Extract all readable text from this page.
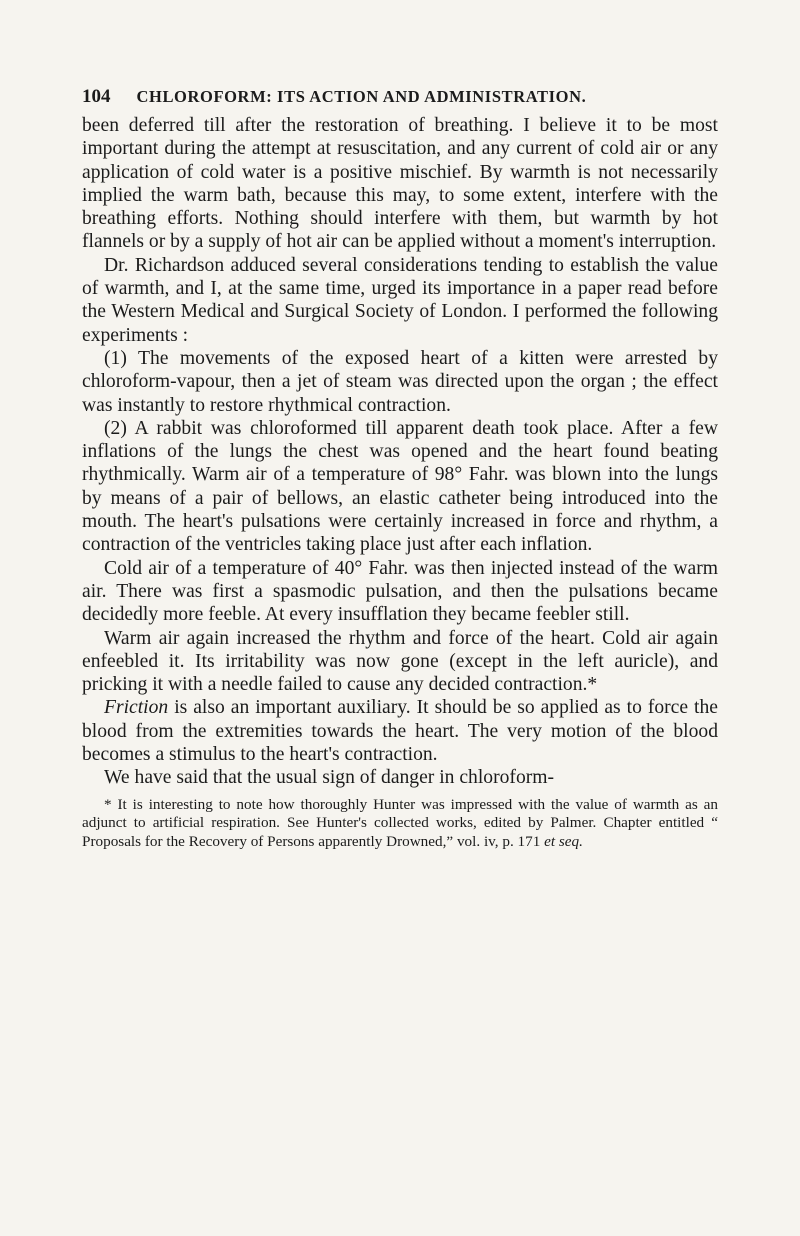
104 CHLOROFORM: ITS ACTION AND ADMINISTRATION.

been deferred till after the restoration of breathing. I believe it to be most important during the attempt at resuscitation, and any current of cold air or any application of cold water is a positive mischief. By warmth is not necessarily implied the warm bath, because this may, to some extent, interfere with the breathing efforts. Nothing should interfere with them, but warmth by hot flannels or by a supply of hot air can be applied without a moment's interruption.

Dr. Richardson adduced several considerations tending to establish the value of warmth, and I, at the same time, urged its importance in a paper read before the Western Medical and Surgical Society of London. I performed the following experiments :

(1) The movements of the exposed heart of a kitten were arrested by chloroform-vapour, then a jet of steam was directed upon the organ ; the effect was instantly to restore rhythmical contraction.

(2) A rabbit was chloroformed till apparent death took place. After a few inflations of the lungs the chest was opened and the heart found beating rhythmically. Warm air of a temperature of 98° Fahr. was blown into the lungs by means of a pair of bellows, an elastic catheter being introduced into the mouth. The heart's pulsations were certainly increased in force and rhythm, a contraction of the ventricles taking place just after each inflation.

Cold air of a temperature of 40° Fahr. was then injected instead of the warm air. There was first a spasmodic pulsation, and then the pulsations became decidedly more feeble. At every insufflation they became feebler still.

Warm air again increased the rhythm and force of the heart. Cold air again enfeebled it. Its irritability was now gone (except in the left auricle), and pricking it with a needle failed to cause any decided contraction.*

Friction is also an important auxiliary. It should be so applied as to force the blood from the extremities towards the heart. The very motion of the blood becomes a stimulus to the heart's contraction.

We have said that the usual sign of danger in chloroform-

* It is interesting to note how thoroughly Hunter was impressed with the value of warmth as an adjunct to artificial respiration. See Hunter's collected works, edited by Palmer. Chapter entitled “ Proposals for the Recovery of Persons apparently Drowned,” vol. iv, p. 171 et seq.
